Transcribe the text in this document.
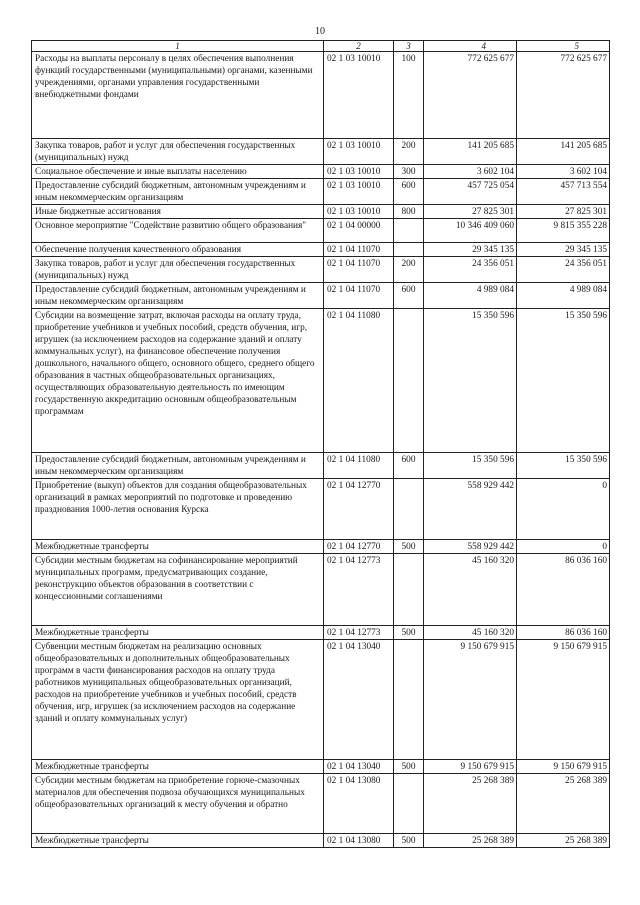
10
1	2	3	4	5
Расходы на выплаты персоналу в целях обеспечения выполнения функций государственными (муниципальными) органами, казенными учреждениями, органами управления государственными внебюджетными фондами	02 1 03 10010	100	772 625 677	772 625 677
Закупка товаров, работ и услуг для обеспечения государственных (муниципальных) нужд	02 1 03 10010	200	141 205 685	141 205 685
Социальное обеспечение и иные выплаты населению	02 1 03 10010	300	3 602 104	3 602 104
Предоставление субсидий бюджетным, автономным учреждениям и иным некоммерческим организациям	02 1 03 10010	600	457 725 054	457 713 554
Иные бюджетные ассигнования	02 1 03 10010	800	27 825 301	27 825 301
Основное мероприятие "Содействие развитию общего образования"	02 1 04 00000		10 346 409 060	9 815 355 228
Обеспечение получения качественного образования	02 1 04 11070		29 345 135	29 345 135
Закупка товаров, работ и услуг для обеспечения государственных (муниципальных) нужд	02 1 04 11070	200	24 356 051	24 356 051
Предоставление субсидий бюджетным, автономным учреждениям и иным некоммерческим организациям	02 1 04 11070	600	4 989 084	4 989 084
Субсидии на возмещение затрат, включая расходы на оплату труда, приобретение учебников и учебных пособий, средств обучения, игр, игрушек (за исключением расходов на содержание зданий и оплату коммунальных услуг), на финансовое обеспечение получения дошкольного, начального общего, основного общего, среднего общего образования в частных общеобразовательных организациях, осуществляющих образовательную деятельность по имеющим государственную аккредитацию основным общеобразовательным программам	02 1 04 11080		15 350 596	15 350 596
Предоставление субсидий бюджетным, автономным учреждениям и иным некоммерческим организациям	02 1 04 11080	600	15 350 596	15 350 596
Приобретение (выкуп) объектов для создания общеобразовательных организаций в рамках мероприятий по подготовке и проведению празднования 1000-летия основания Курска	02 1 04 12770		558 929 442	0
Межбюджетные трансферты	02 1 04 12770	500	558 929 442	0
Субсидии местным бюджетам на софинансирование мероприятий муниципальных программ, предусматривающих создание, реконструкцию объектов образования в соответствии с концессионными соглашениями	02 1 04 12773		45 160 320	86 036 160
Межбюджетные трансферты	02 1 04 12773	500	45 160 320	86 036 160
Субвенции местным бюджетам на реализацию основных общеобразовательных и дополнительных общеобразовательных программ в части финансирования расходов на оплату труда работников муниципальных общеобразовательных организаций, расходов на приобретение учебников и учебных пособий, средств обучения, игр, игрушек (за исключением расходов на содержание зданий и оплату коммунальных услуг)	02 1 04 13040		9 150 679 915	9 150 679 915
Межбюджетные трансферты	02 1 04 13040	500	9 150 679 915	9 150 679 915
Субсидии местным бюджетам на приобретение горюче-смазочных материалов для обеспечения подвоза обучающихся муниципальных общеобразовательных организаций к месту обучения и обратно	02 1 04 13080		25 268 389	25 268 389
Межбюджетные трансферты	02 1 04 13080	500	25 268 389	25 268 389
